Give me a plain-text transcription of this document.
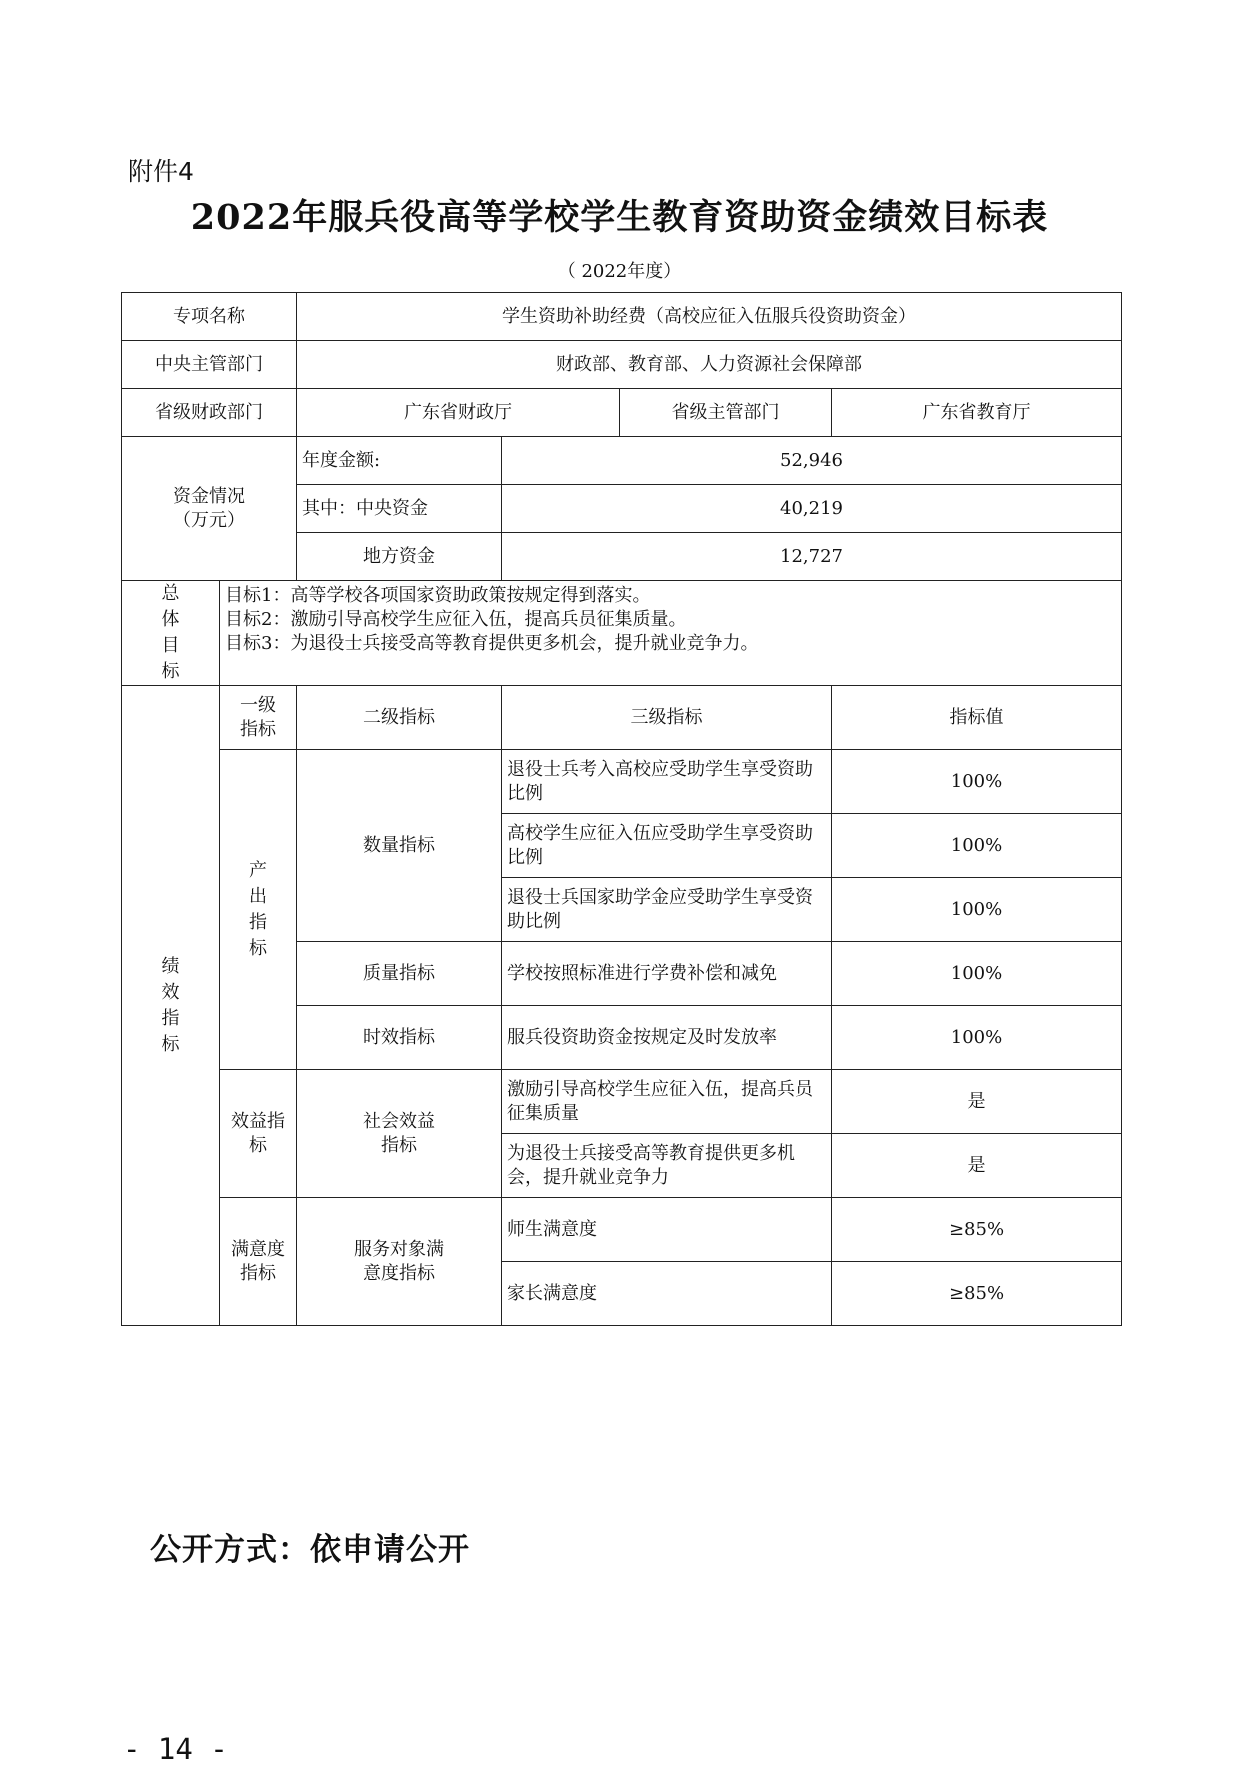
附件4
2022年服兵役高等学校学生教育资助资金绩效目标表
（ 2022年度）
专项名称		学生资助补助经费（高校应征入伍服兵役资助资金）			
中央主管部门		财政部、教育部、人力资源社会保障部			
省级财政部门		广东省财政厅		省级主管部门	广东省教育厅

资金情况
（万元）		年度金额:	52,946		
		其中：中央资金	40,219		
		地方资金	12,727		
总体目标	目标1：高等学校各项国家资助政策按规定得到落实。
目标2：激励引导高校学生应征入伍，提高兵员征集质量。
目标3：为退役士兵接受高等教育提供更多机会，提升就业竞争力。				

绩效指标	一级指标	二级指标	三级指标		指标值
	产出指标	数量指标	退役士兵考入高校应受助学生享受资助比例		100%
			高校学生应征入伍应受助学生享受资助比例		100%
			退役士兵国家助学金应受助学生享受资助比例		100%
		质量指标	学校按照标准进行学费补偿和减免		100%
		时效指标	服兵役资助资金按规定及时发放率		100%
	效益指标	社会效益指标	激励引导高校学生应征入伍，提高兵员征集质量		是
			为退役士兵接受高等教育提供更多机会，提升就业竞争力		是
	满意度指标	服务对象满意度指标	师生满意度		≥85%
			家长满意度		≥85%
公开方式：依申请公开
- 14 -
